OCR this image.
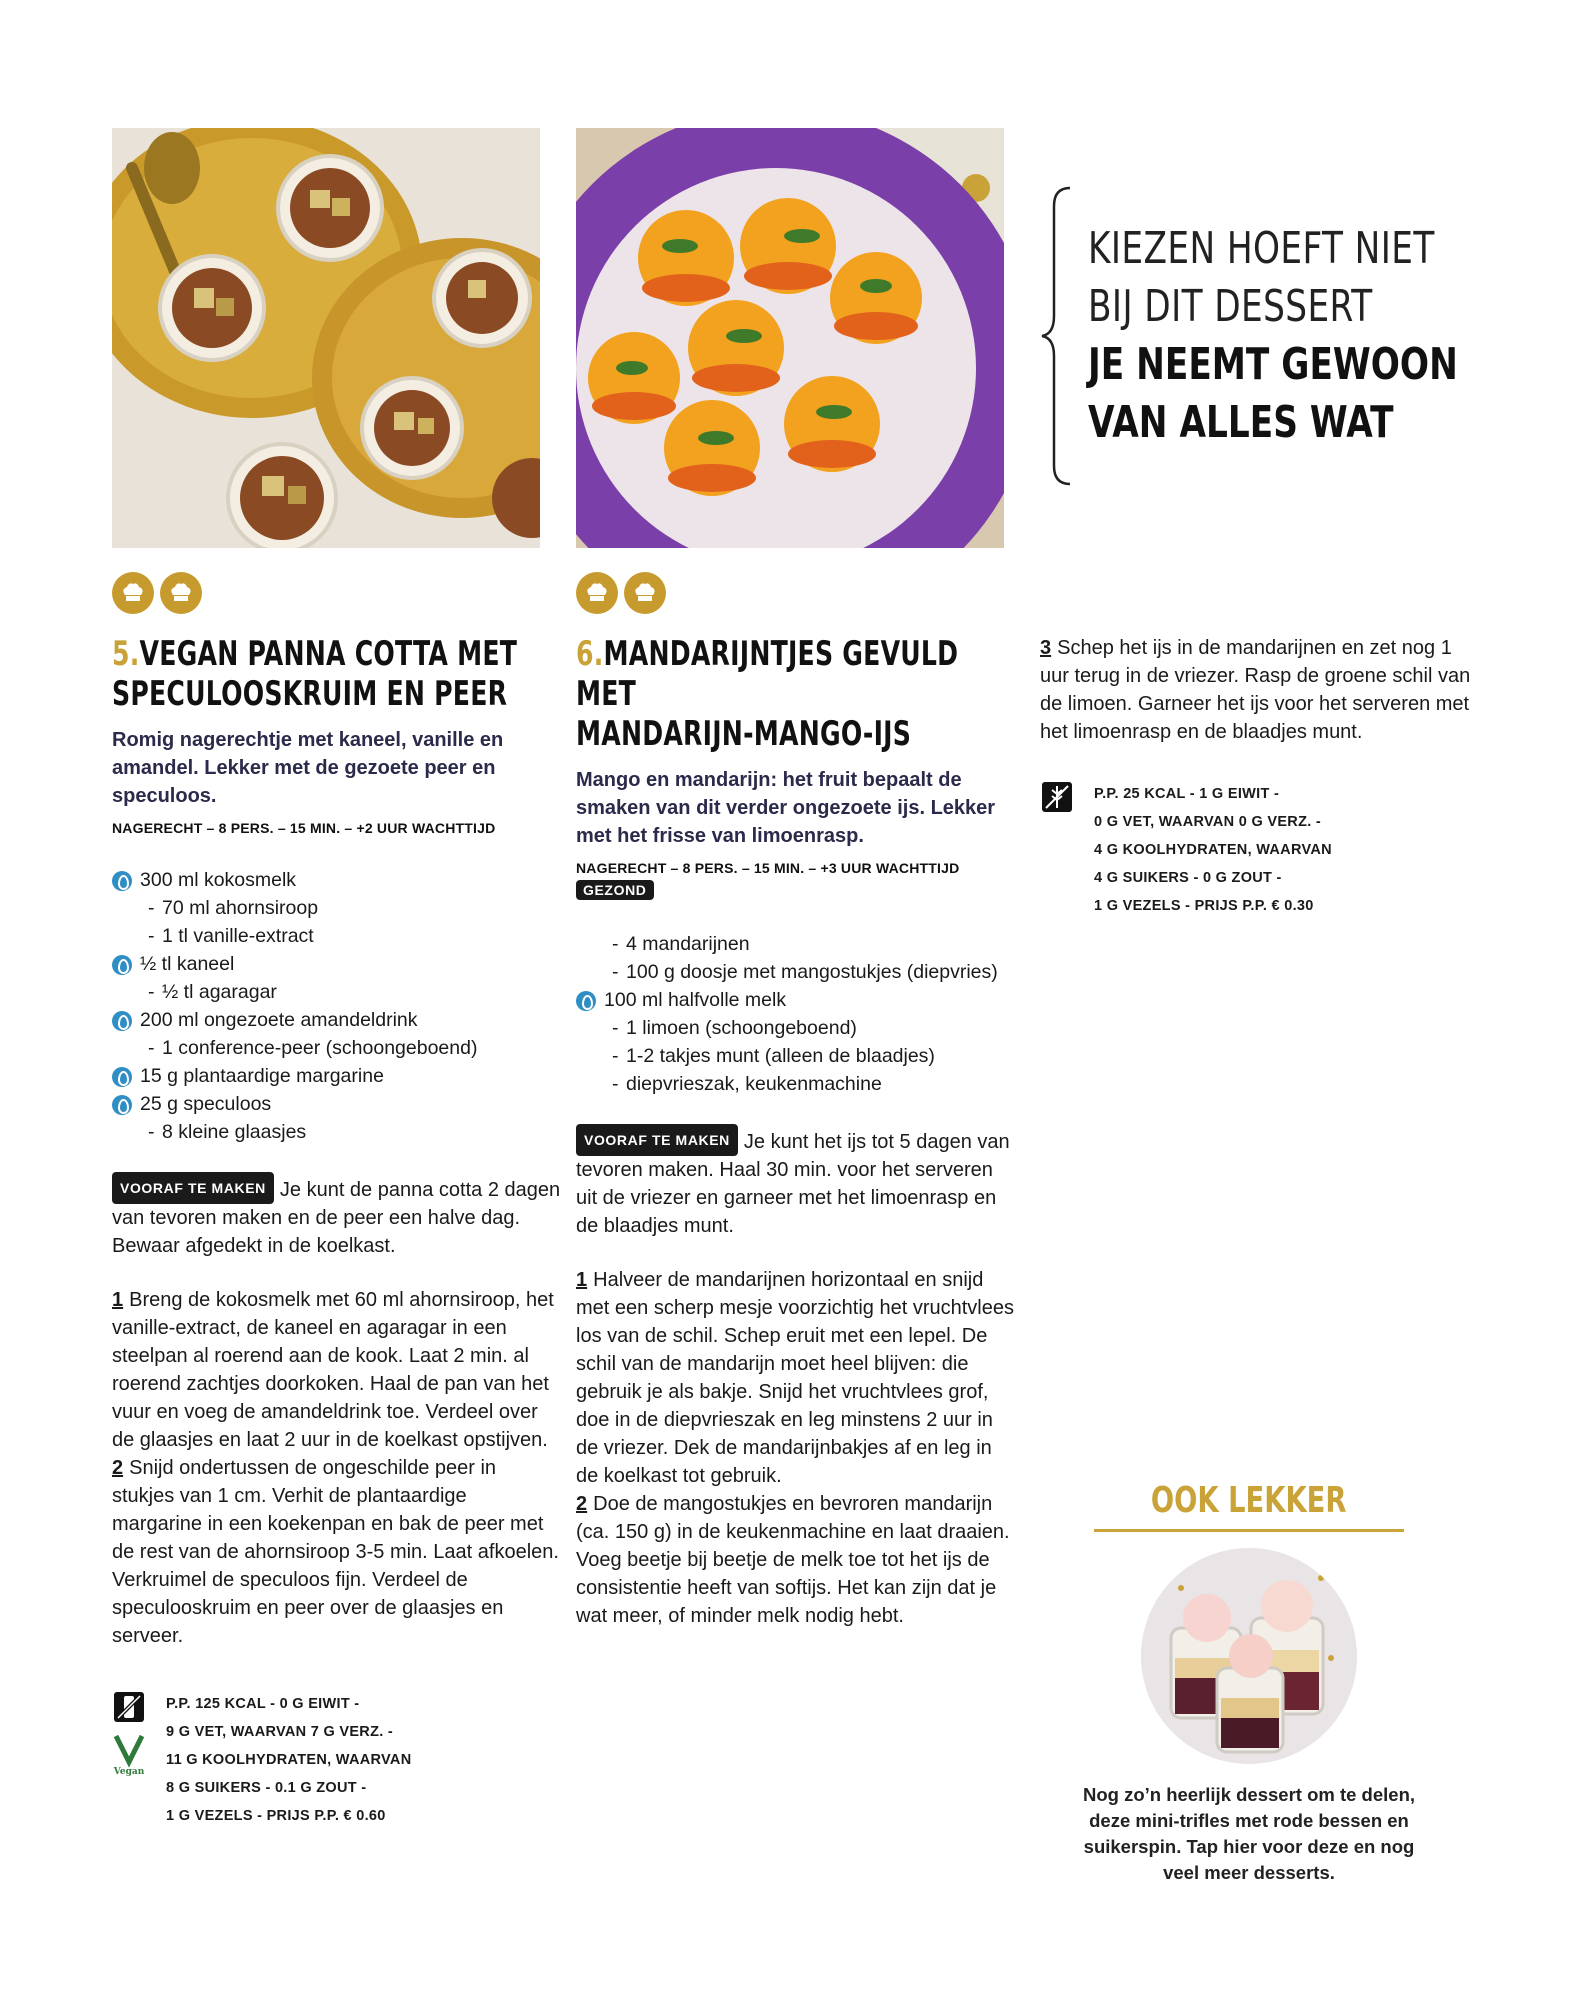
KIEZEN HOEFT NIET
BIJ DIT DESSERT
JE NEEMT GEWOON
VAN ALLES WAT
5.VEGAN PANNA COTTA MET
SPECULOOSKRUIM EN PEER

Romig nagerechtje met kaneel, vanille en amandel. Lekker met de gezoete peer en speculoos.

NAGERECHT – 8 PERS. – 15 MIN. – +2 UUR WACHTTIJD

300 ml kokosmelk
- 70 ml ahornsiroop
- 1 tl vanille-extract
½ tl kaneel
- ½ tl agaragar
200 ml ongezoete amandeldrink
- 1 conference-peer (schoongeboend)
15 g plantaardige margarine
25 g speculoos
- 8 kleine glaasjes

VOORAF TE MAKEN Je kunt de panna cotta 2 dagen van tevoren maken en de peer een halve dag. Bewaar afgedekt in de koelkast.

1 Breng de kokosmelk met 60 ml ahornsiroop, het vanille-extract, de kaneel en agaragar in een steelpan al roerend aan de kook. Laat 2 min. al roerend zachtjes doorkoken. Haal de pan van het vuur en voeg de amandeldrink toe. Verdeel over de glaasjes en laat 2 uur in de koelkast opstijven.

2 Snijd ondertussen de ongeschilde peer in stukjes van 1 cm. Verhit de plantaardige margarine in een koekenpan en bak de peer met de rest van de ahornsiroop 3-5 min. Laat afkoelen. Verkruimel de speculoos fijn. Verdeel de speculooskruim en peer over de glaasjes en serveer.

Vegan
P.P. 125 KCAL - 0 G EIWIT -
9 G VET, WAARVAN 7 G VERZ. -
11 G KOOLHYDRATEN, WAARVAN
8 G SUIKERS - 0.1 G ZOUT -
1 G VEZELS - PRIJS P.P. € 0.60
6.MANDARIJNTJES GEVULD MET
MANDARIJN-MANGO-IJS

Mango en mandarijn: het fruit bepaalt de smaken van dit verder ongezoete ijs. Lekker met het frisse van limoenrasp.

NAGERECHT – 8 PERS. – 15 MIN. – +3 UUR WACHTTIJD

GEZOND
- 4 mandarijnen
- 100 g doosje met mangostukjes (diepvries)
100 ml halfvolle melk
- 1 limoen (schoongeboend)
- 1-2 takjes munt (alleen de blaadjes)
- diepvrieszak, keukenmachine

VOORAF TE MAKEN Je kunt het ijs tot 5 dagen van tevoren maken. Haal 30 min. voor het serveren uit de vriezer en garneer met het limoenrasp en de blaadjes munt.

1 Halveer de mandarijnen horizontaal en snijd met een scherp mesje voorzichtig het vruchtvlees los van de schil. Schep eruit met een lepel. De schil van de mandarijn moet heel blijven: die gebruik je als bakje. Snijd het vruchtvlees grof, doe in de diepvrieszak en leg minstens 2 uur in de vriezer. Dek de mandarijnbakjes af en leg in de koelkast tot gebruik.

2 Doe de mangostukjes en bevroren mandarijn (ca. 150 g) in de keukenmachine en laat draaien. Voeg beetje bij beetje de melk toe tot het ijs de consistentie heeft van softijs. Het kan zijn dat je wat meer, of minder melk nodig hebt.

3 Schep het ijs in de mandarijnen en zet nog 1 uur terug in de vriezer. Rasp de groene schil van de limoen. Garneer het ijs voor het serveren met het limoenrasp en de blaadjes munt.

P.P. 25 KCAL - 1 G EIWIT -
0 G VET, WAARVAN 0 G VERZ. -
4 G KOOLHYDRATEN, WAARVAN
4 G SUIKERS - 0 G ZOUT -
1 G VEZELS - PRIJS P.P. € 0.30
OOK LEKKER

Nog zo’n heerlijk dessert om te delen, deze mini-trifles met rode bessen en suikerspin. Tap hier voor deze en nog veel meer desserts.
